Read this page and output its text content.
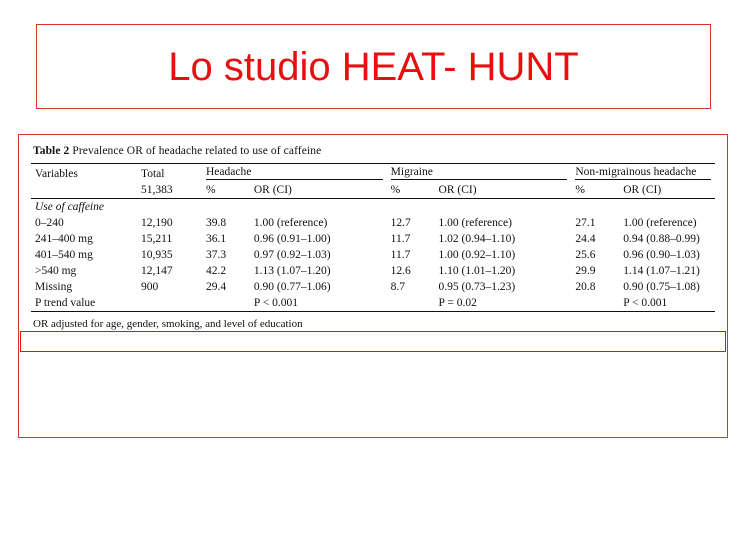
Lo studio HEAT- HUNT
Table 2 Prevalence OR of headache related to use of caffeine
Variables	Total	Headache		Migraine		Non-migrainous headache	

	51,383	%	OR (CI)	%	OR (CI)	%	OR (CI)
Use of caffeine							
0–240	12,190	39.8	1.00 (reference)	12.7	1.00 (reference)	27.1	1.00 (reference)
241–400 mg	15,211	36.1	0.96 (0.91–1.00)	11.7	1.02 (0.94–1.10)	24.4	0.94 (0.88–0.99)
401–540 mg	10,935	37.3	0.97 (0.92–1.03)	11.7	1.00 (0.92–1.10)	25.6	0.96 (0.90–1.03)
>540 mg	12,147	42.2	1.13 (1.07–1.20)	12.6	1.10 (1.01–1.20)	29.9	1.14 (1.07–1.21)
Missing	900	29.4	0.90 (0.77–1.06)	8.7	0.95 (0.73–1.23)	20.8	0.90 (0.75–1.08)
P trend value			P < 0.001		P = 0.02		P < 0.001
OR adjusted for age, gender, smoking, and level of education
